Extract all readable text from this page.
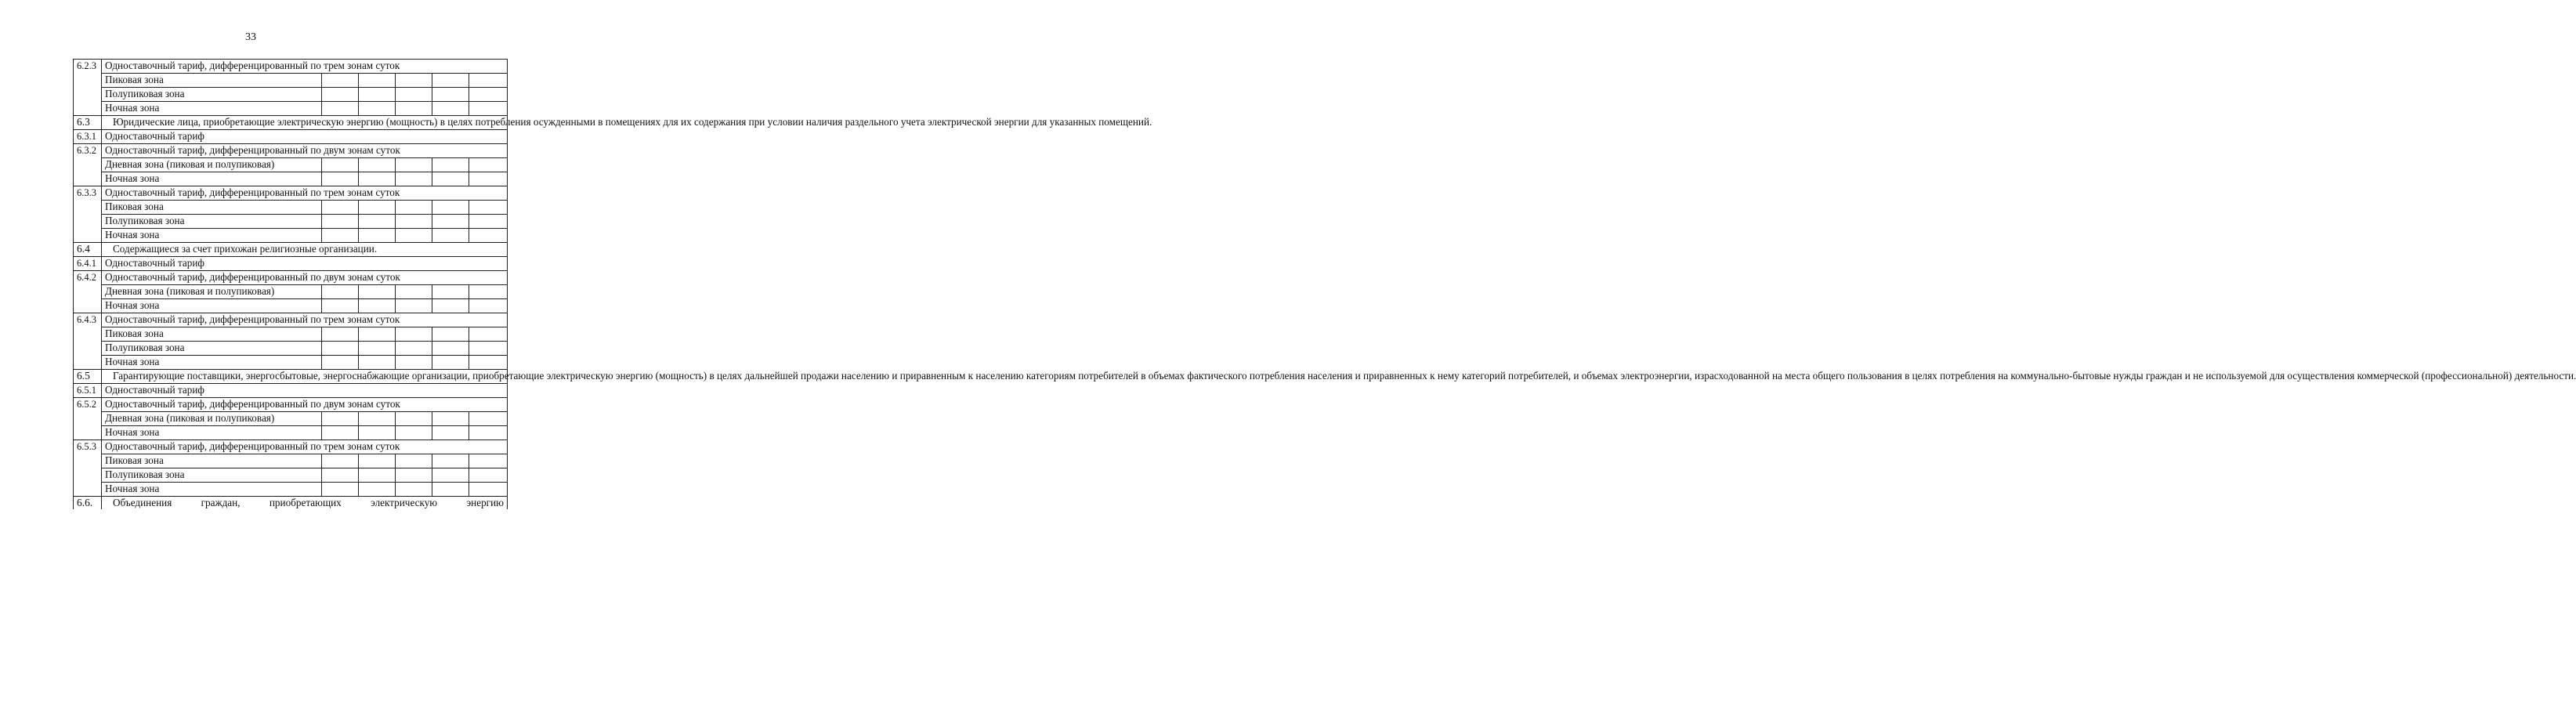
33
6.2.3	Одноставочный тариф, дифференцированный по трем зонам суток					
	Пиковая зона					
	Полупиковая зона					
	Ночная зона					
6.3	Юридические лица, приобретающие электрическую энергию (мощность) в целях потребления осужденными в помещениях для их содержания при условии наличия раздельного учета электрической энергии для указанных помещений.					
6.3.1	Одноставочный тариф					
6.3.2	Одноставочный тариф, дифференцированный по двум зонам суток					
	Дневная зона (пиковая и полупиковая)					
	Ночная зона					
6.3.3	Одноставочный тариф, дифференцированный по трем зонам суток					
	Пиковая зона					
	Полупиковая зона					
	Ночная зона					
6.4	Содержащиеся за счет прихожан религиозные организации.					
6.4.1	Одноставочный тариф					
6.4.2	Одноставочный тариф, дифференцированный по двум зонам суток					
	Дневная зона (пиковая и полупиковая)					
	Ночная зона					
6.4.3	Одноставочный тариф, дифференцированный по трем зонам суток					
	Пиковая зона					
	Полупиковая зона					
	Ночная зона					
6.5	Гарантирующие поставщики, энергосбытовые, энергоснабжающие организации, приобретающие электрическую энергию (мощность) в целях дальнейшей продажи населению и приравненным к населению категориям потребителей в объемах фактического потребления населения и приравненных к нему категорий потребителей, и объемах электроэнергии, израсходованной на места общего пользования в целях потребления на коммунально-бытовые нужды граждан и не используемой для осуществления коммерческой (профессиональной) деятельности.					
6.5.1	Одноставочный тариф					
6.5.2	Одноставочный тариф, дифференцированный по двум зонам суток					
	Дневная зона (пиковая и полупиковая)					
	Ночная зона					
6.5.3	Одноставочный тариф, дифференцированный по трем зонам суток					
	Пиковая зона					
	Полупиковая зона					
	Ночная зона					
6.6.	Объединения граждан, приобретающих электрическую энергию					
